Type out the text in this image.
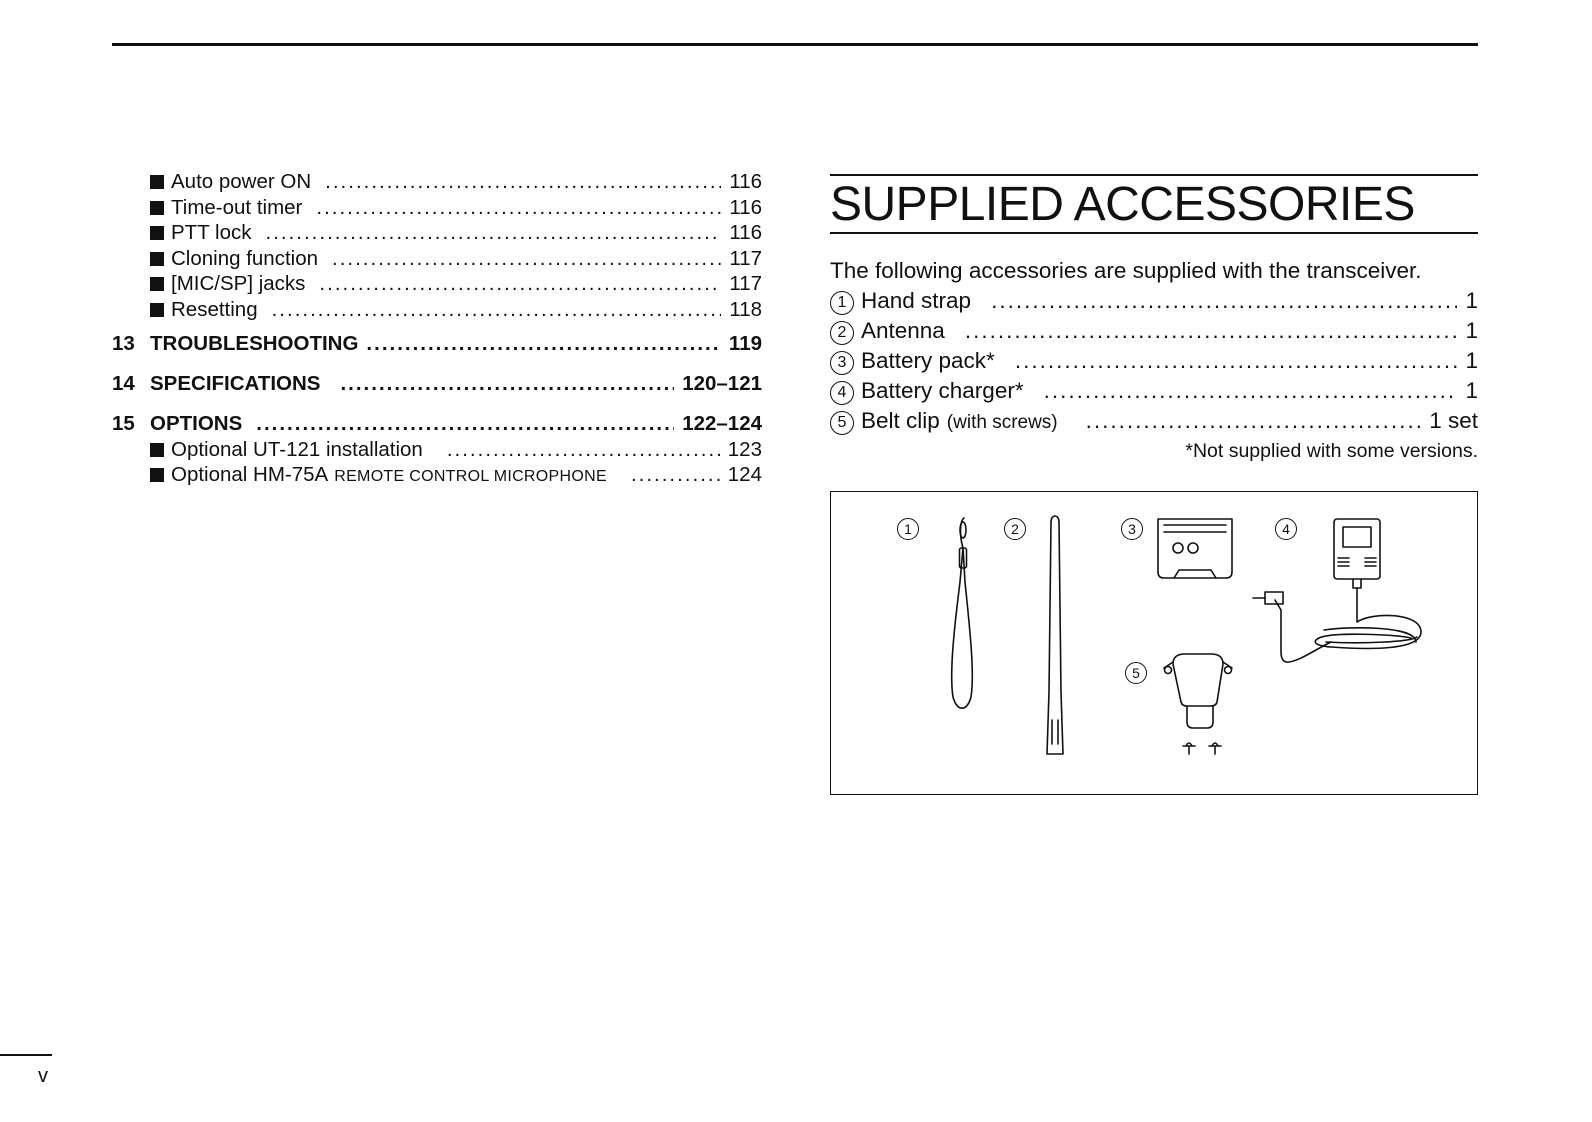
Auto power ON .....	116
Time-out timer .....	116
PTT lock .....	116
Cloning function .....	117
[MIC/SP] jacks .....	117
Resetting .....	118
13 TROUBLESHOOTING .....	119
14 SPECIFICATIONS .....	120–121
15 OPTIONS .....	122–124
Optional UT-121 installation .....	123
Optional HM-75A REMOTE CONTROL MICROPHONE .....	124
SUPPLIED ACCESSORIES
The following accessories are supplied with the transceiver.
1 Hand strap .....	1
2 Antenna .....	1
3 Battery pack* .....	1
4 Battery charger* .....	1
5 Belt clip (with screws) .....	1 set
*Not supplied with some versions.
1	2	3	4
5
v
